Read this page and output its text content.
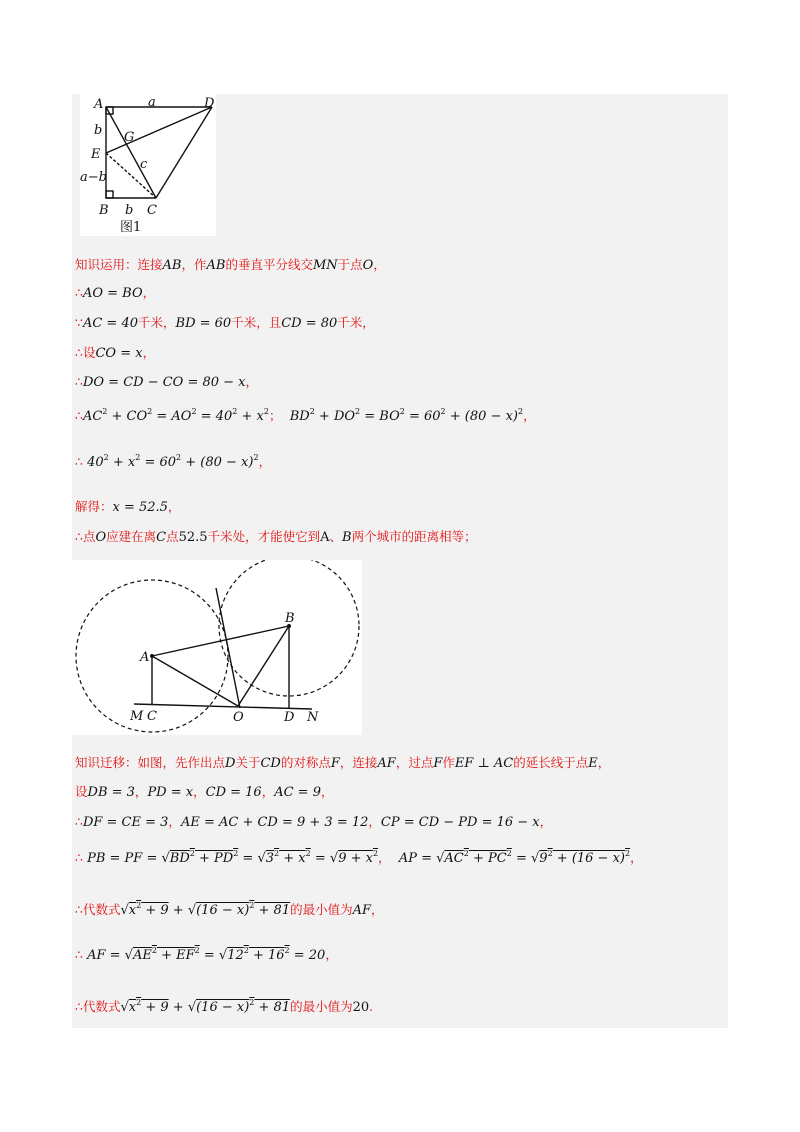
A	D
a
b G
E
c
a−b
B b C
图1
知识运用：连接AB，作AB的垂直平分线交MN于点O，
∴AO = BO，
∵AC = 40千米，BD = 60千米，且CD = 80千米，
∴设CO = x，
∴DO = CD − CO = 80 − x，
$\therefore AC^2 + CO^2 = AO^2 = 40^2 + x^2$； $BD^2 + DO^2 = BO^2 = 60^2 + (80 - x)^2$，
∴ $40^2 + x^2 = 60^2 + (80 - x)^2$，
解得：x = 52.5，
∴点O应建在离C点52.5千米处，才能使它到A、B两个城市的距离相等；
A
B
M C	O	D N
知识迁移：如图，先作出点D关于CD的对称点F，连接AF，过点F作EF ⊥ AC的延长线于点E，
设DB = 3，PD = x，CD = 16，AC = 9，
∴DF = CE = 3，AE = AC + CD = 9 + 3 = 12，CP = CD − PD = 16 − x，
∴ PB = PF = $√BD^2 + PD^2 = √3^2 + x^2 = √9 + x^2$， AP = $√AC^2 + PC^2 = √9^2 + (16 - x)^2$，
∴代数式$√x^2 + 9 + √(16 - x)^2 + 81$的最小值为AF，
∴ AF = $√AE^2 + EF^2 = √12^2 + 16^2 = 20$，
∴代数式$√x^2 + 9 + √(16 - x)^2 + 81$的最小值为20.
